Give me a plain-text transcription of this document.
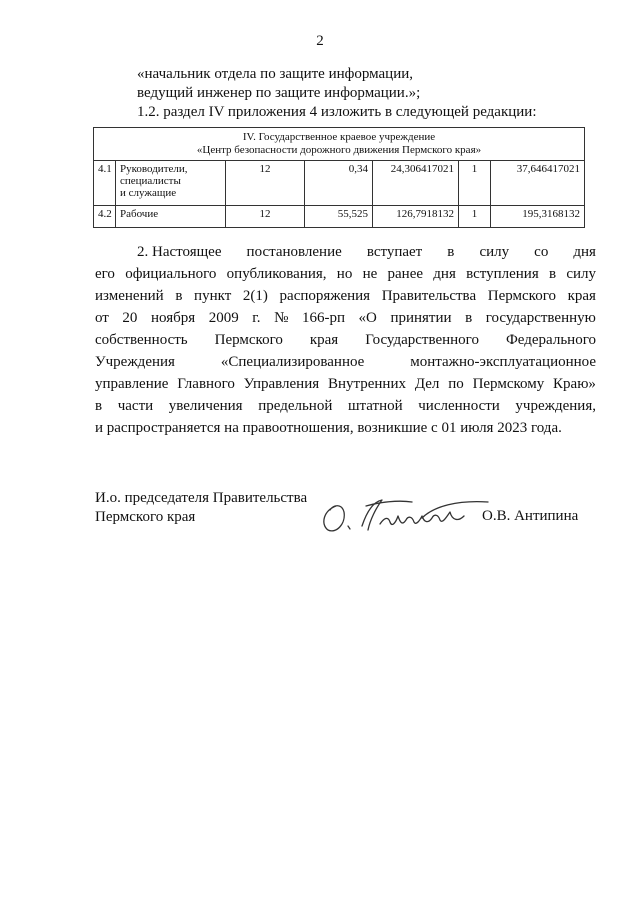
2
«начальник отдела по защите информации,
ведущий инженер по защите информации.»;
1.2. раздел IV приложения 4 изложить в следующей редакции:
IV. Государственное краевое учреждение
«Центр безопасности дорожного движения Пермского края»						

4.1	Руководители,
специалисты
и служащие	12	0,34	24,306417021	1	37,646417021
4.2	Рабочие	12	55,525	126,7918132	1	195,3168132
2. Настоящее постановление вступает в силу со дня
его официального опубликования, но не ранее дня вступления в силу
изменений в пункт 2(1) распоряжения Правительства Пермского края
от 20 ноября 2009 г. № 166-рп «О принятии в государственную
собственность Пермского края Государственного Федерального
Учреждения	«Специализированное	монтажно-эксплуатационное
управление Главного Управления Внутренних Дел по Пермскому Краю»
в части увеличения предельной штатной численности учреждения,
и распространяется на правоотношения, возникшие с 01 июля 2023 года.
И.о. председателя Правительства
Пермского края	О.В. Антипина
